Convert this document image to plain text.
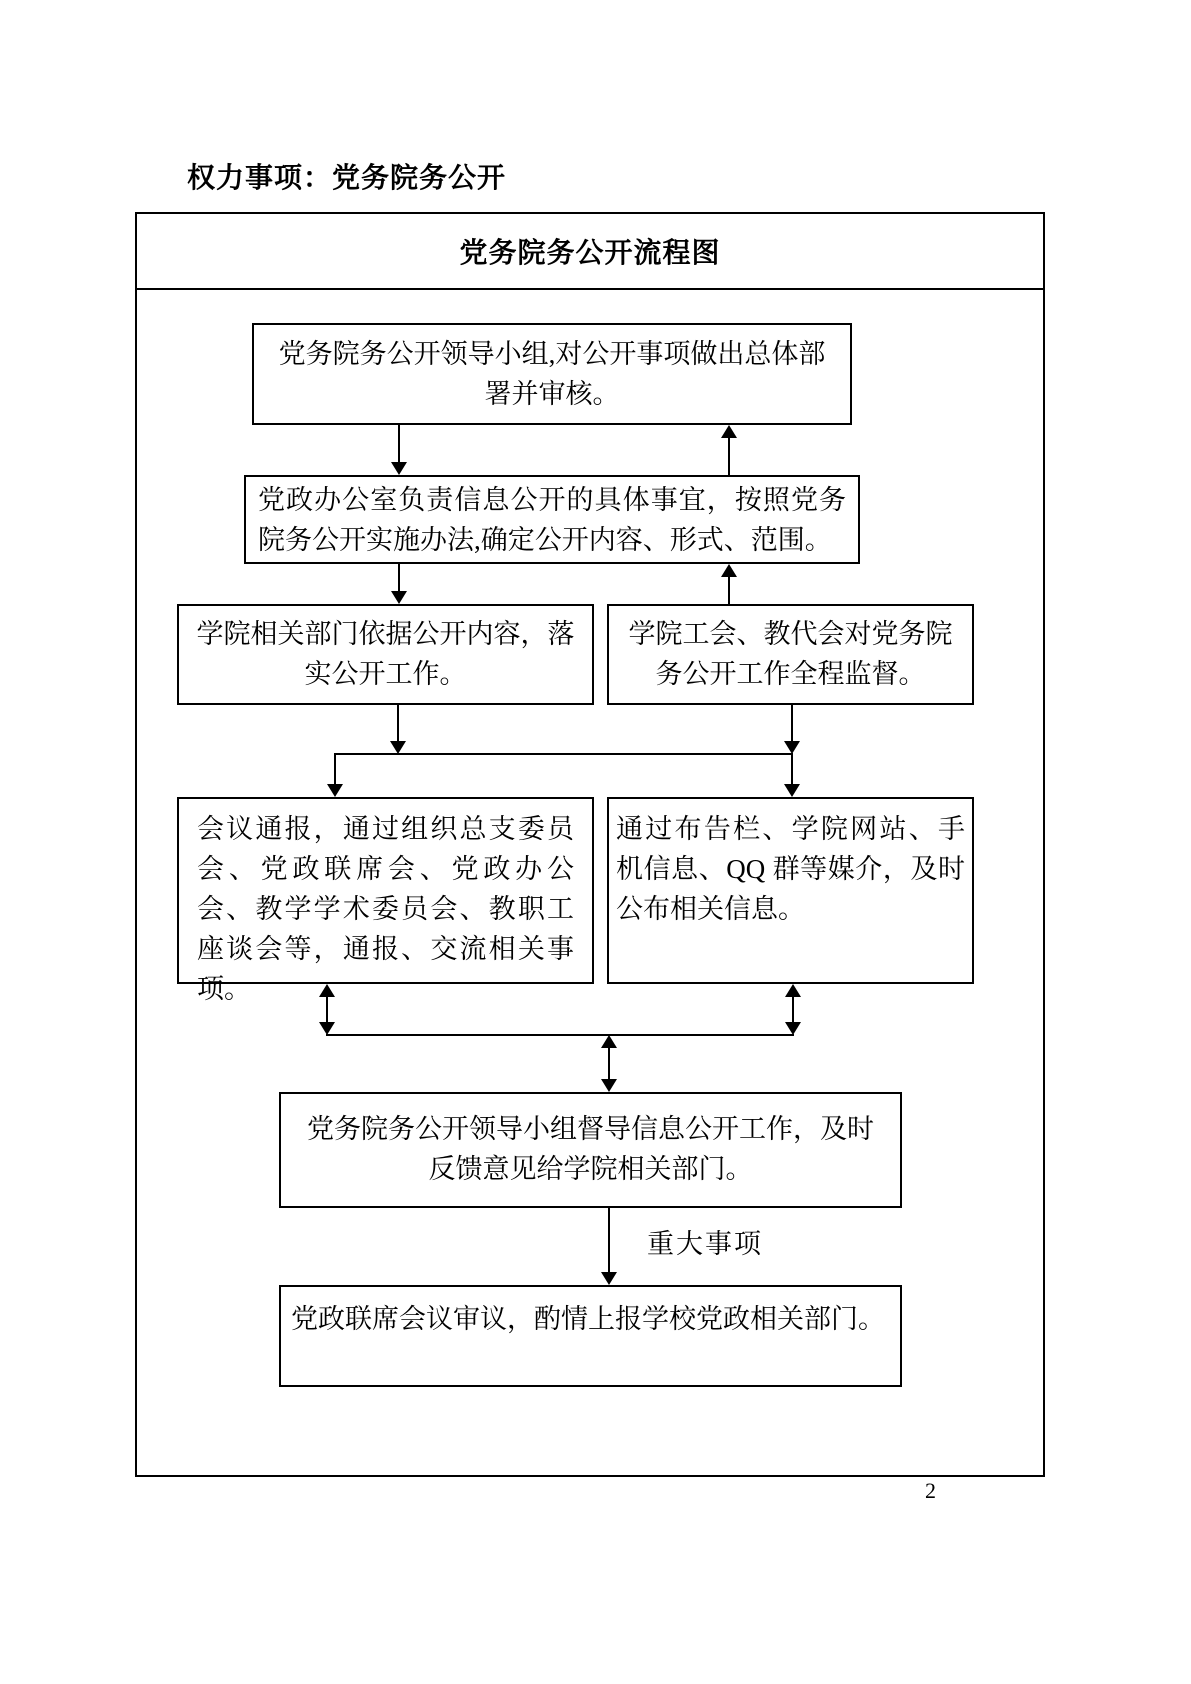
权力事项：党务院务公开
党务院务公开流程图
党务院务公开领导小组,对公开事项做出总体部署并审核。
党政办公室负责信息公开的具体事宜，按照党务院务公开实施办法,确定公开内容、形式、范围。
学院相关部门依据公开内容，落实公开工作。
学院工会、教代会对党务院务公开工作全程监督。
会议通报，通过组织总支委员会、党政联席会、党政办公会、教学学术委员会、教职工座谈会等，通报、交流相关事项。
通过布告栏、学院网站、手机信息、QQ 群等媒介，及时公布相关信息。
党务院务公开领导小组督导信息公开工作，及时反馈意见给学院相关部门。
党政联席会议审议，酌情上报学校党政相关部门。
重大事项
2
